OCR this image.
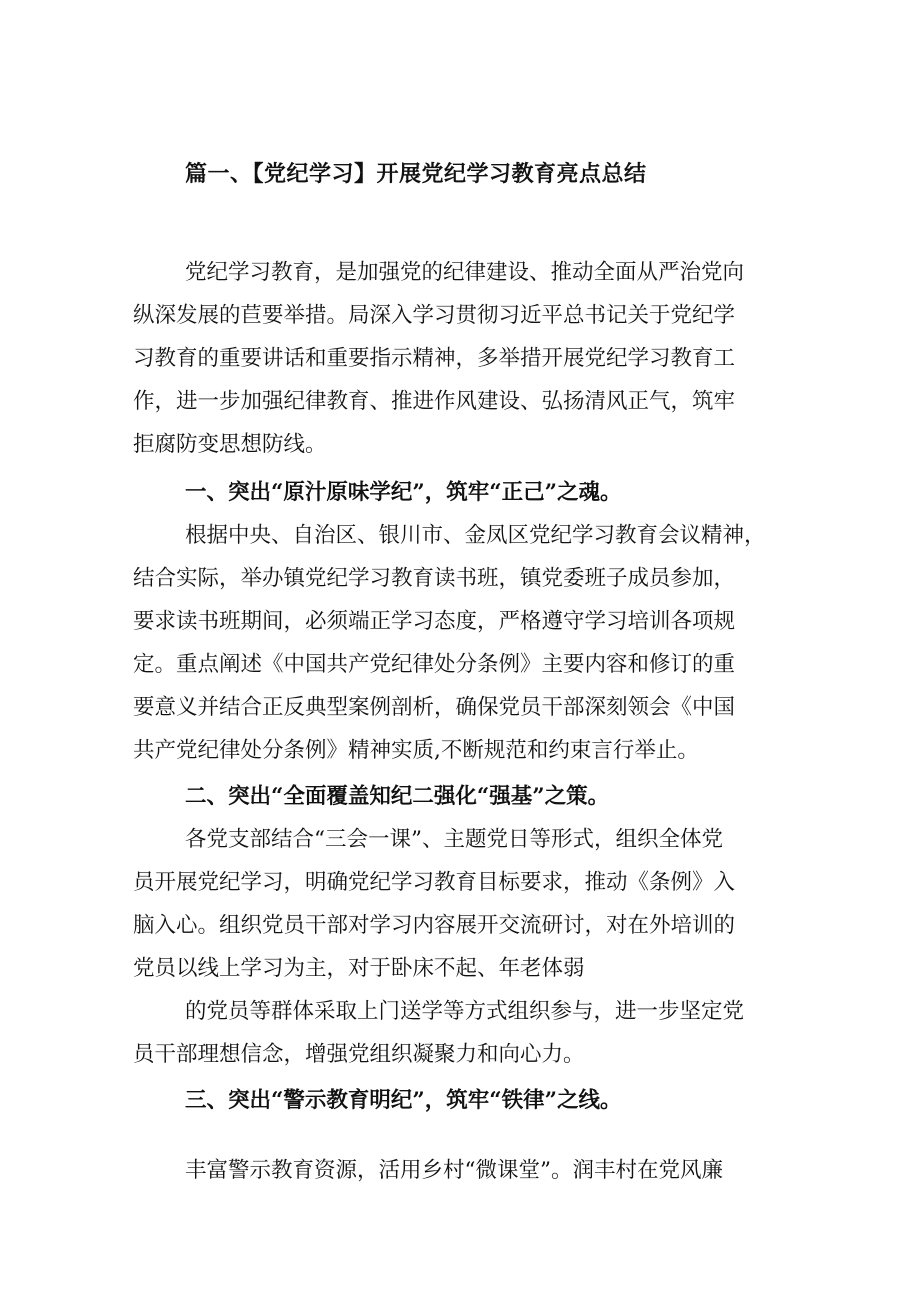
篇一、【党纪学习】开展党纪学习教育亮点总结
党纪学习教育，是加强党的纪律建设、推动全面从严治党向
纵深发展的苣要举措。局深入学习贯彻习近平总书记关于党纪学
习教育的重要讲话和重要指示精神，多举措开展党纪学习教育工
作，进一步加强纪律教育、推进作风建设、弘扬清风正气，筑牢
拒腐防变思想防线。
一、突出“原汁原味学纪”，筑牢“正己”之魂。
根据中央、自治区、银川市、金凤区党纪学习教育会议精神，
结合实际，举办镇党纪学习教育读书班，镇党委班子成员参加，
要求读书班期间，必须端正学习态度，严格遵守学习培训各项规
定。重点阐述《中国共产党纪律处分条例》主要内容和修订的重
要意义并结合正反典型案例剖析，确保党员干部深刻领会《中国
共产党纪律处分条例》精神实质,不断规范和约束言行举止。
二、突出“全面覆盖知纪二强化“强基”之策。
各党支部结合“三会一课”、主题党日等形式，组织全体党
员开展党纪学习，明确党纪学习教育目标要求，推动《条例》入
脑入心。组织党员干部对学习内容展开交流研讨，对在外培训的
党员以线上学习为主，对于卧床不起、年老体弱
的党员等群体采取上门送学等方式组织参与，进一步坚定党
员干部理想信念，增强党组织凝聚力和向心力。
三、突出“警示教育明纪”，筑牢“铁律”之线。
丰富警示教育资源，活用乡村“微课堂”。润丰村在党风廉
